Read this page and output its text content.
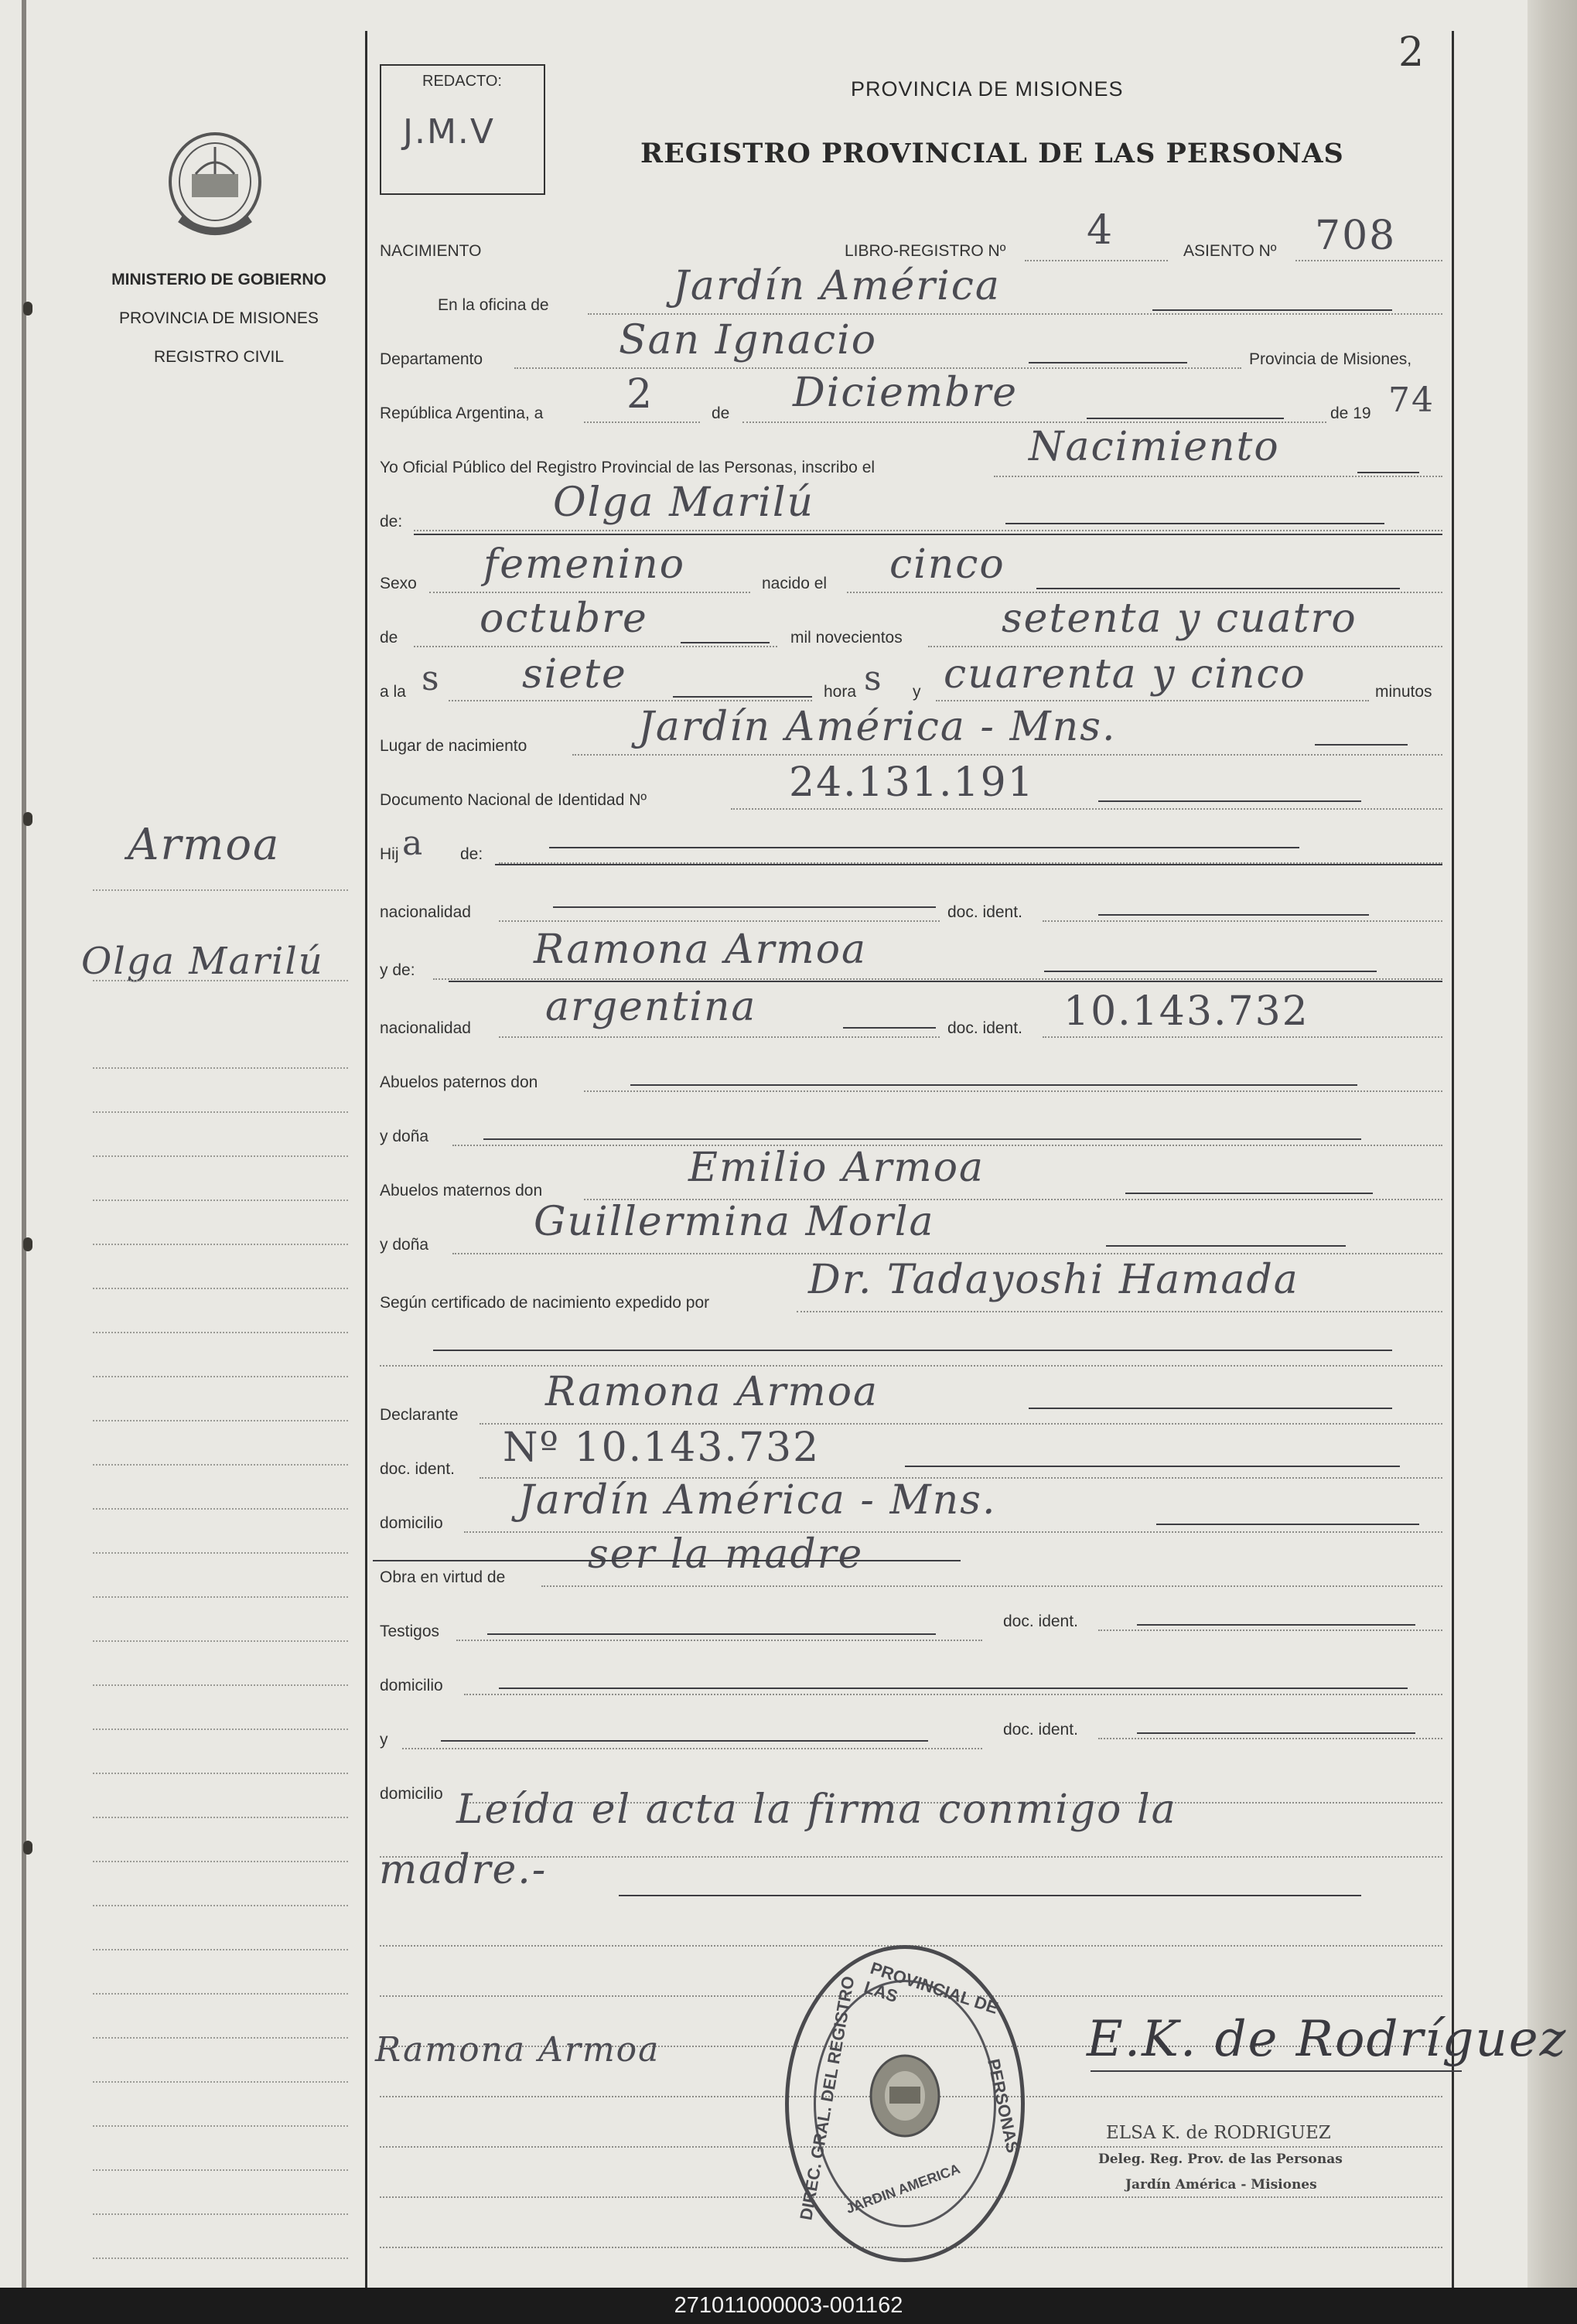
2
REDACTO:
J.M.V
PROVINCIA DE MISIONES
REGISTRO PROVINCIAL DE LAS PERSONAS
MINISTERIO DE GOBIERNO
PROVINCIA DE MISIONES
REGISTRO CIVIL
Armoa
Olga Marilú
NACIMIENTO	LIBRO-REGISTRO Nº 4	ASIENTO Nº 708
En la oficina de	Jardín América
Departamento	San Ignacio	Provincia de Misiones,
República Argentina, a 2	de Diciembre	de 19 74
Yo Oficial Público del Registro Provincial de las Personas, inscribo el	Nacimiento
de:	Olga Marilú
Sexo femenino	nacido el cinco
de octubre	mil novecientos setenta y cuatro
a la s siete	hora s y cuarenta y cinco	minutos
Lugar de nacimiento	Jardín América - Mns.
Documento Nacional de Identidad Nº	24.131.191
Hij a de:
nacionalidad	doc. ident.
y de:	Ramona Armoa
nacionalidad argentina	doc. ident. 10.143.732
Abuelos paternos don
y doña
Abuelos maternos don	Emilio Armoa
y doña	Guillermina Morla
Según certificado de nacimiento expedido por Dr. Tadayoshi Hamada
Declarante Ramona Armoa
doc. ident. Nº 10.143.732
domicilio Jardín América - Mns.
Obra en virtud de ser la madre
Testigos
doc. ident.
domicilio
y
doc. ident.
domicilio Leída el acta la firma conmigo la
madre.-
Ramona Armoa	E.K. de Rodríguez
ELSA K. de RODRIGUEZ
Deleg. Reg. Prov. de las Personas
Jardín América - Misiones
PROVINCIAL DE LAS
DIREC. GRAL. DEL REGISTRO	PERSONAS
JARDIN AMERICA
271011000003-001162
